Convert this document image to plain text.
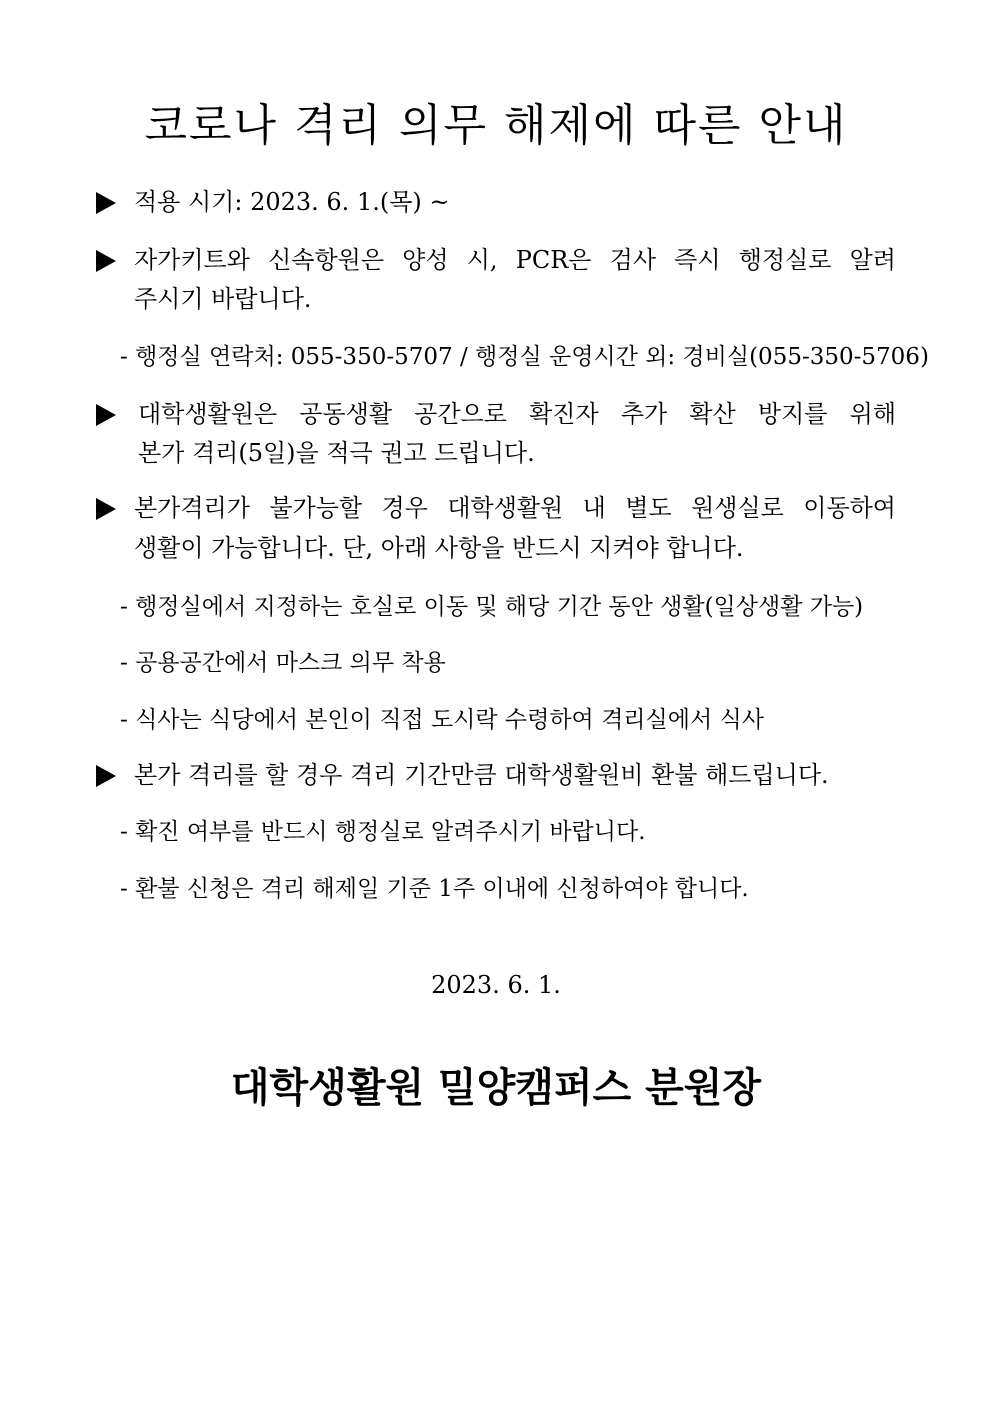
코로나 격리 의무 해제에 따른 안내

적용 시기: 2023. 6. 1.(목) ~

자가키트와 신속항원은 양성 시, PCR은 검사 즉시 행정실로 알려

주시기 바랍니다.

- 행정실 연락처: 055-350-5707 / 행정실 운영시간 외: 경비실(055-350-5706)

대학생활원은 공동생활 공간으로 확진자 추가 확산 방지를 위해

본가 격리(5일)을 적극 권고 드립니다.

본가격리가 불가능할 경우 대학생활원 내 별도 원생실로 이동하여

생활이 가능합니다. 단, 아래 사항을 반드시 지켜야 합니다.

- 행정실에서 지정하는 호실로 이동 및 해당 기간 동안 생활(일상생활 가능)

- 공용공간에서 마스크 의무 착용

- 식사는 식당에서 본인이 직접 도시락 수령하여 격리실에서 식사

본가 격리를 할 경우 격리 기간만큼 대학생활원비 환불 해드립니다.

- 확진 여부를 반드시 행정실로 알려주시기 바랍니다.

- 환불 신청은 격리 해제일 기준 1주 이내에 신청하여야 합니다.

2023. 6. 1.

대학생활원 밀양캠퍼스 분원장
